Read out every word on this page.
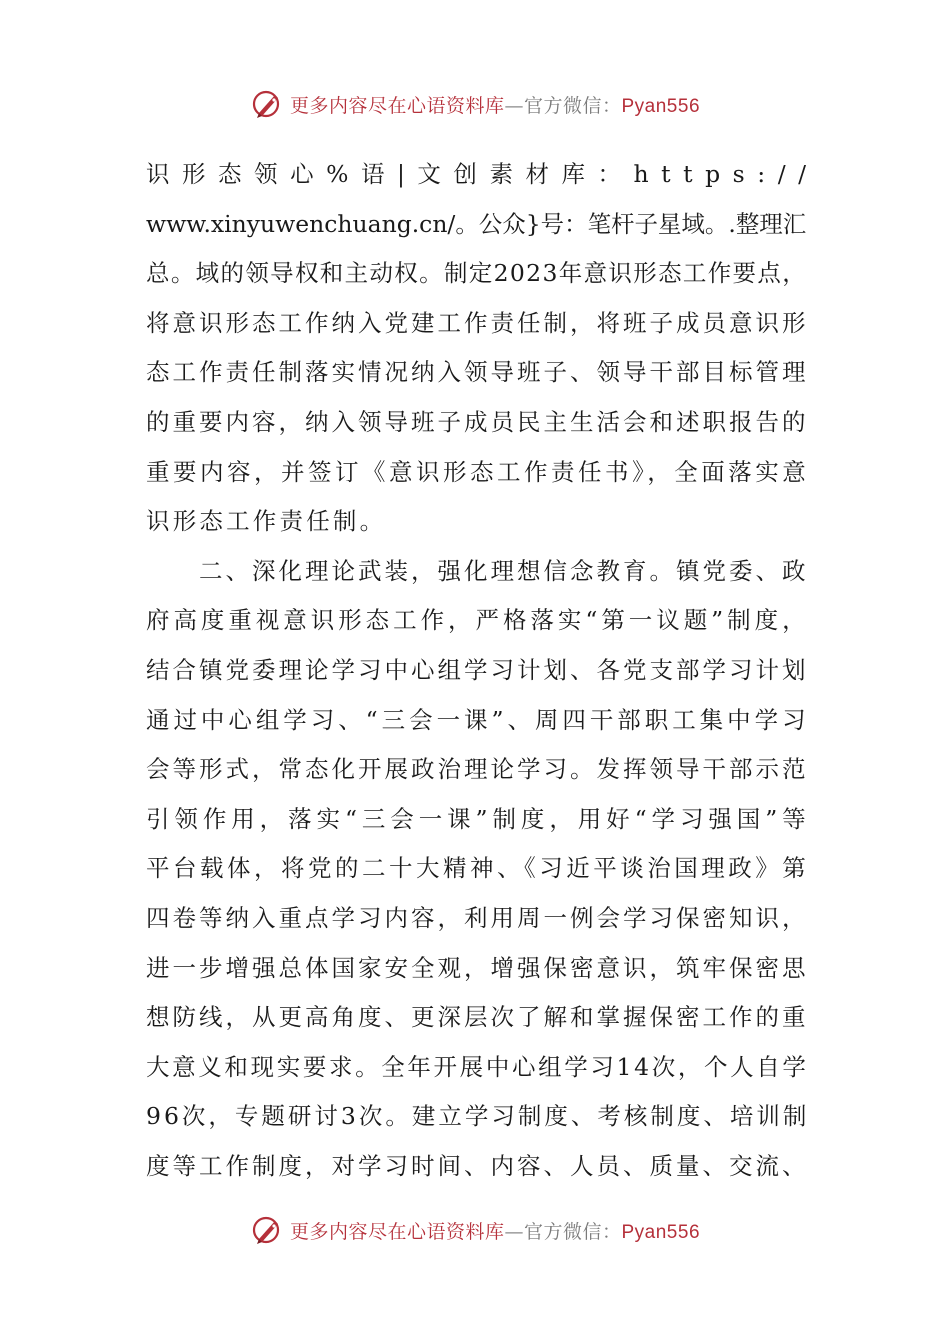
更多内容尽在心语资料库—官方微信：Pyan556
识形态领心%语|文创素材库：https://
www.xinyuwenchuang.cn/。公众}号：笔杆子星域。.整理汇
总。域的领导权和主动权。制定2023年意识形态工作要点，
将意识形态工作纳入党建工作责任制，将班子成员意识形
态工作责任制落实情况纳入领导班子、领导干部目标管理
的重要内容，纳入领导班子成员民主生活会和述职报告的
重要内容，并签订《意识形态工作责任书》，全面落实意
识形态工作责任制。
　　二、深化理论武装，强化理想信念教育。镇党委、政
府高度重视意识形态工作，严格落实“第一议题”制度，
结合镇党委理论学习中心组学习计划、各党支部学习计划
通过中心组学习、“三会一课”、周四干部职工集中学习
会等形式，常态化开展政治理论学习。发挥领导干部示范
引领作用，落实“三会一课”制度，用好“学习强国”等
平台载体，将党的二十大精神、《习近平谈治国理政》第
四卷等纳入重点学习内容，利用周一例会学习保密知识，
进一步增强总体国家安全观，增强保密意识，筑牢保密思
想防线，从更高角度、更深层次了解和掌握保密工作的重
大意义和现实要求。全年开展中心组学习14次，个人自学
96次，专题研讨3次。建立学习制度、考核制度、培训制
度等工作制度，对学习时间、内容、人员、质量、交流、
更多内容尽在心语资料库—官方微信：Pyan556
